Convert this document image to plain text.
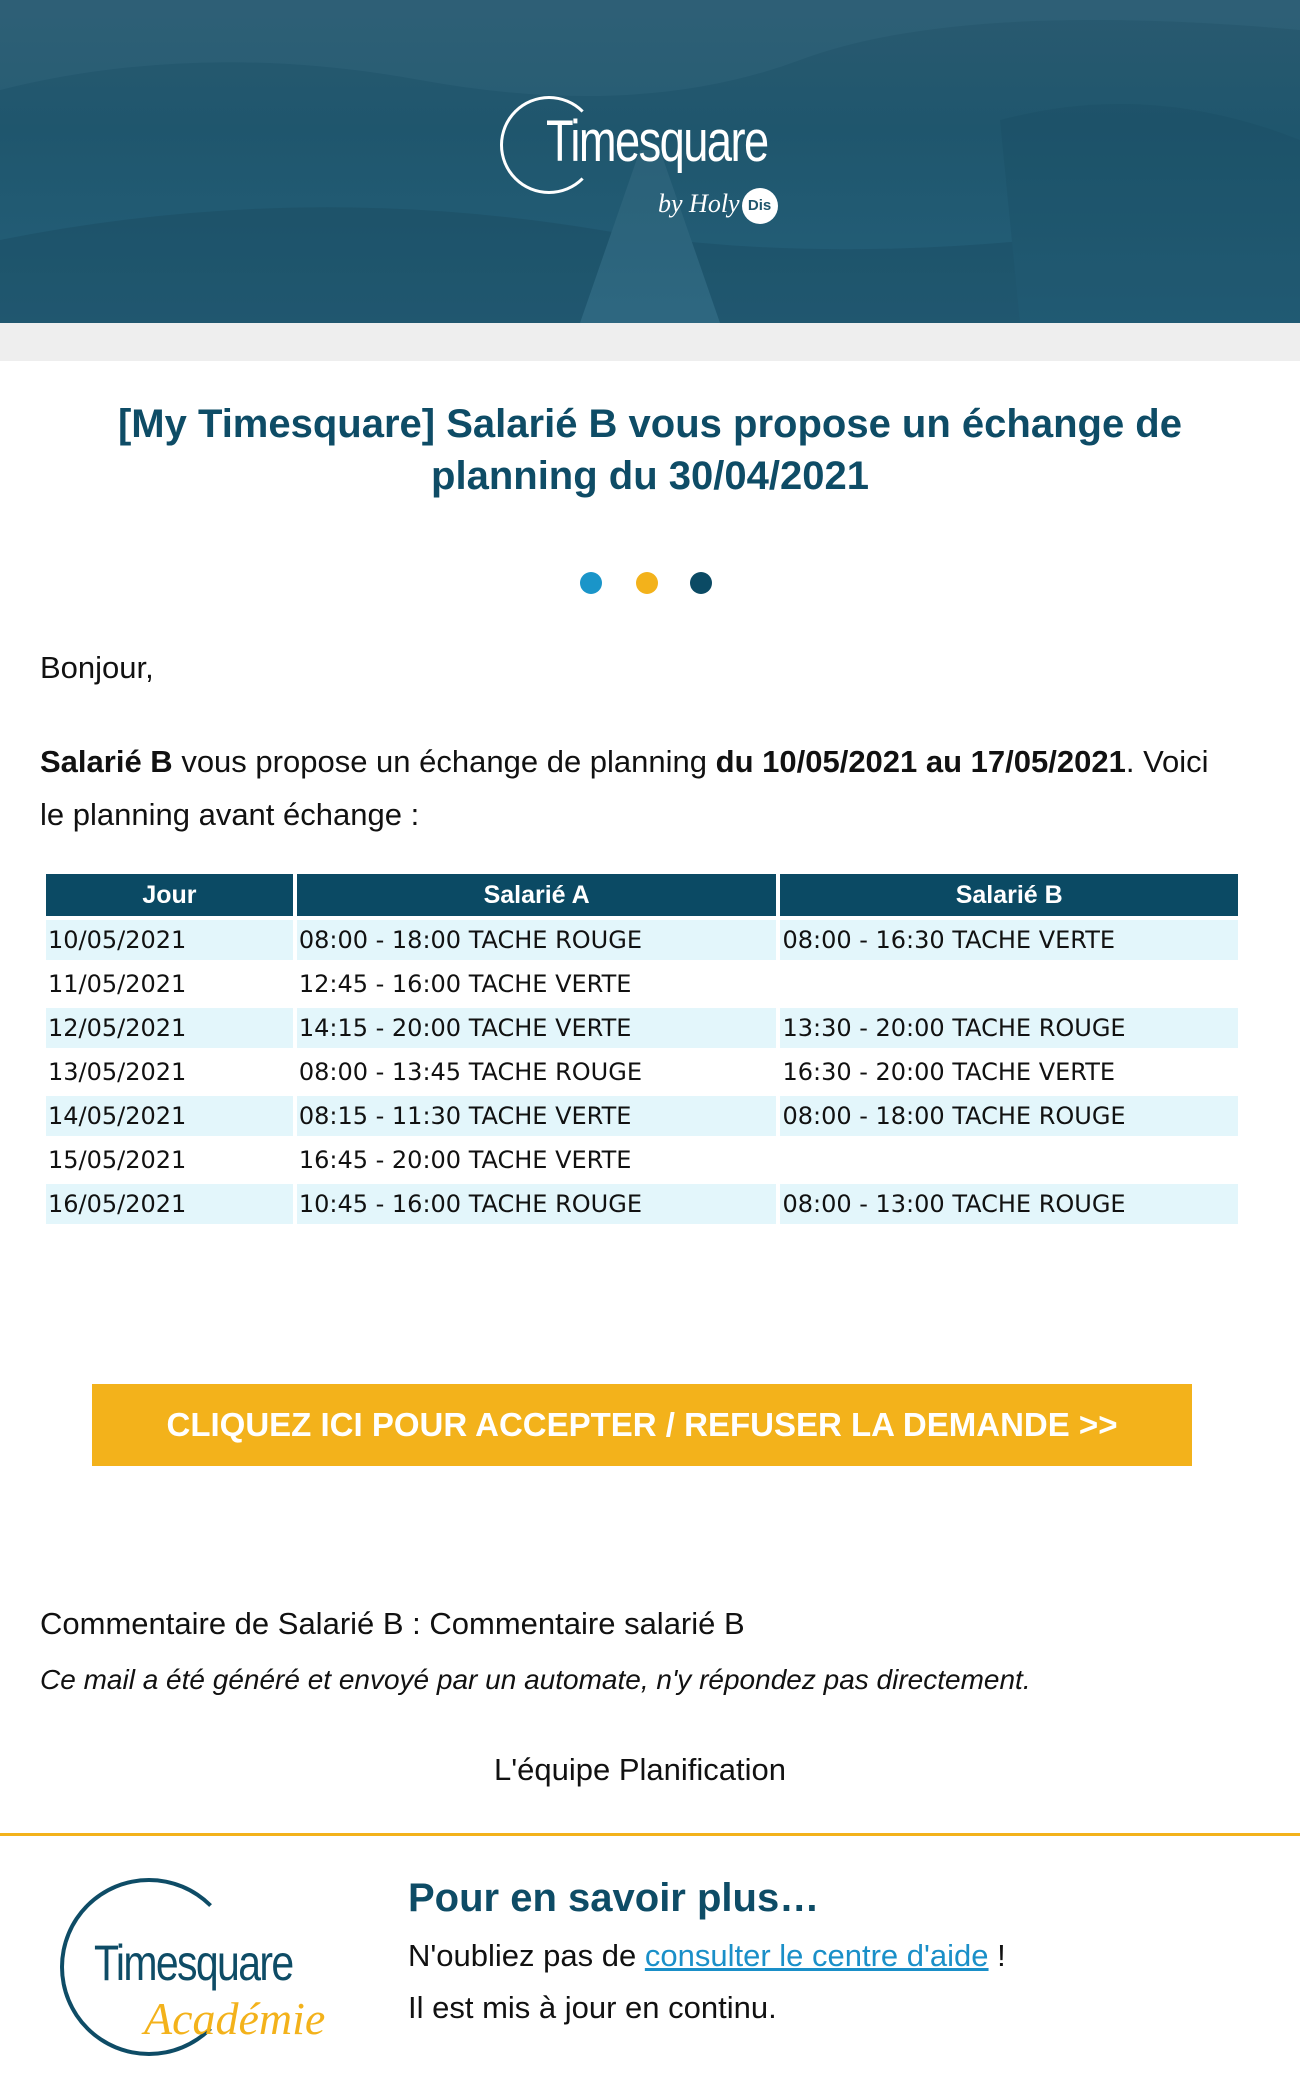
Timesquare
by Holy Dis
[My Timesquare] Salarié B vous propose un échange de planning du 30/04/2021
Bonjour,
Salarié B vous propose un échange de planning du 10/05/2021 au 17/05/2021. Voici le planning avant échange :
Jour	Salarié A	Salarié B
10/05/2021	08:00 - 18:00 TACHE ROUGE	08:00 - 16:30 TACHE VERTE
11/05/2021	12:45 - 16:00 TACHE VERTE	
12/05/2021	14:15 - 20:00 TACHE VERTE	13:30 - 20:00 TACHE ROUGE
13/05/2021	08:00 - 13:45 TACHE ROUGE	16:30 - 20:00 TACHE VERTE
14/05/2021	08:15 - 11:30 TACHE VERTE	08:00 - 18:00 TACHE ROUGE
15/05/2021	16:45 - 20:00 TACHE VERTE	
16/05/2021	10:45 - 16:00 TACHE ROUGE	08:00 - 13:00 TACHE ROUGE
CLIQUEZ ICI POUR ACCEPTER / REFUSER LA DEMANDE >>
Commentaire de Salarié B : Commentaire salarié B
Ce mail a été généré et envoyé par un automate, n'y répondez pas directement.
L'équipe Planification
Timesquare
Académie
Pour en savoir plus…
N'oubliez pas de consulter le centre d'aide !
Il est mis à jour en continu.
